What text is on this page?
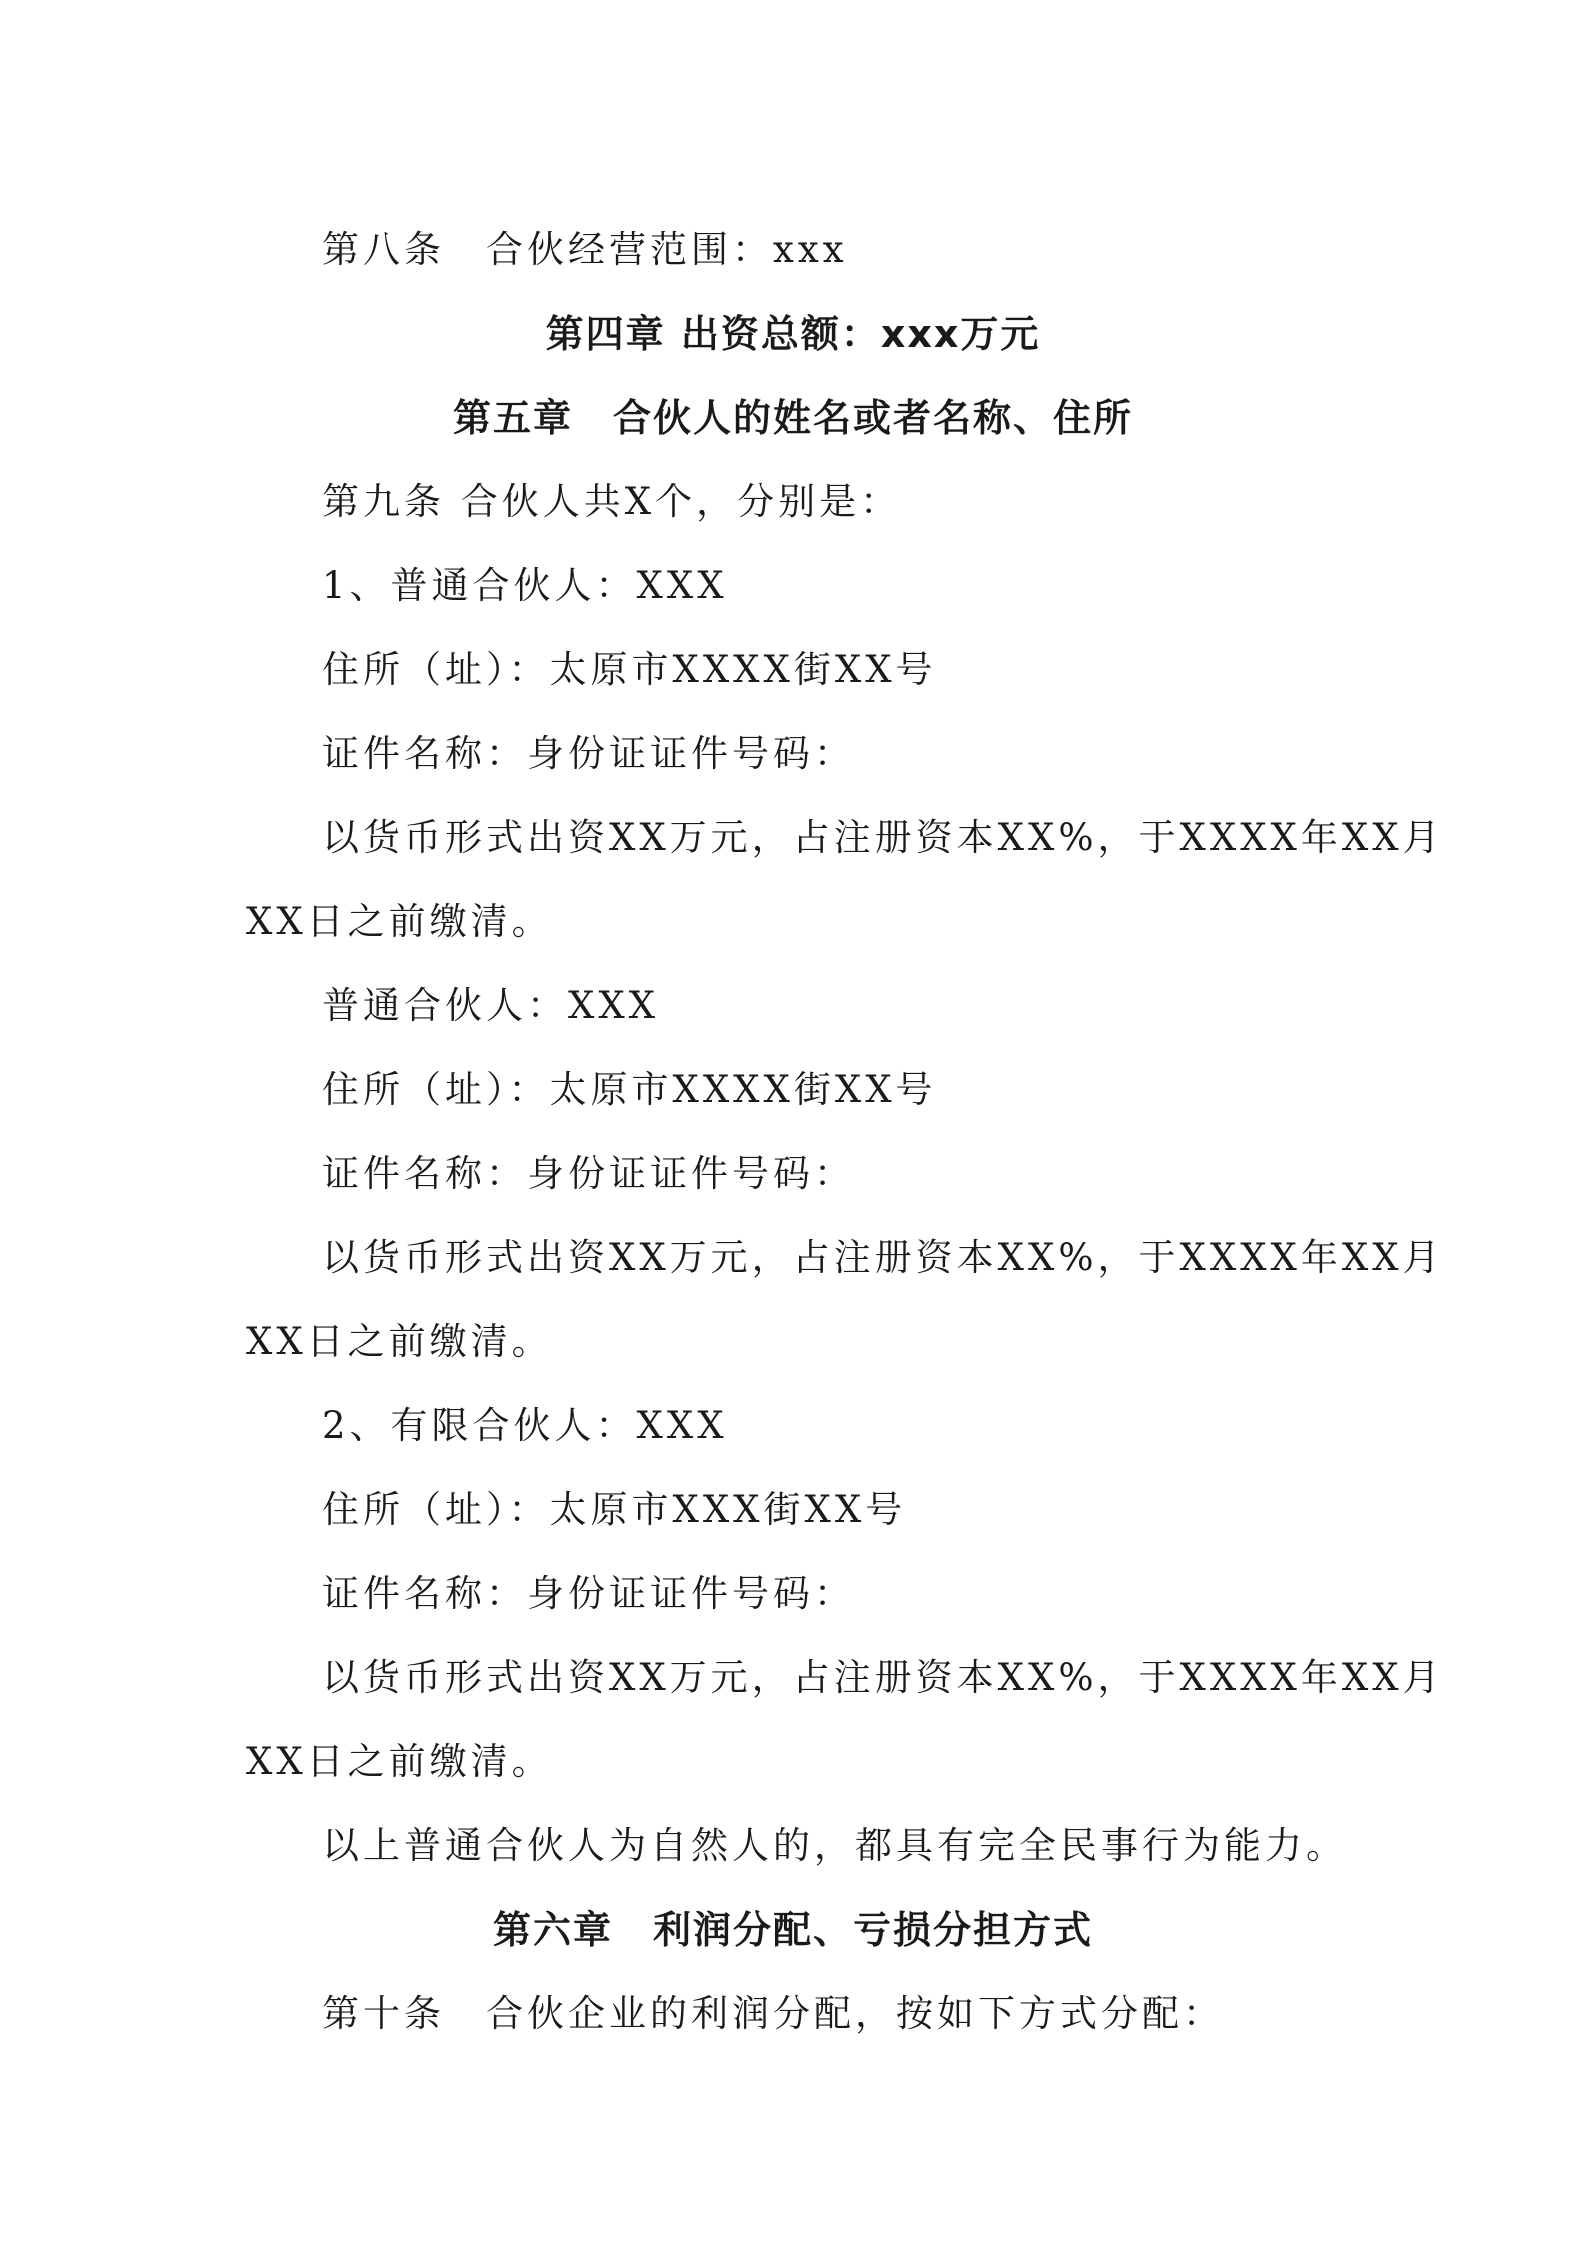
第八条　合伙经营范围：xxx
第四章 出资总额：xxx万元
第五章　合伙人的姓名或者名称、住所
第九条 合伙人共X个，分别是：
1、普通合伙人：XXX
住所（址）：太原市XXXX街XX号
证件名称：身份证证件号码：
以货币形式出资XX万元，占注册资本XX%，于XXXX年XX月
XX日之前缴清。
普通合伙人：XXX
住所（址）：太原市XXXX街XX号
证件名称：身份证证件号码：
以货币形式出资XX万元，占注册资本XX%，于XXXX年XX月
XX日之前缴清。
2、有限合伙人：XXX
住所（址）：太原市XXX街XX号
证件名称：身份证证件号码：
以货币形式出资XX万元，占注册资本XX%，于XXXX年XX月
XX日之前缴清。
以上普通合伙人为自然人的，都具有完全民事行为能力。
第六章　利润分配、亏损分担方式
第十条　合伙企业的利润分配，按如下方式分配：
